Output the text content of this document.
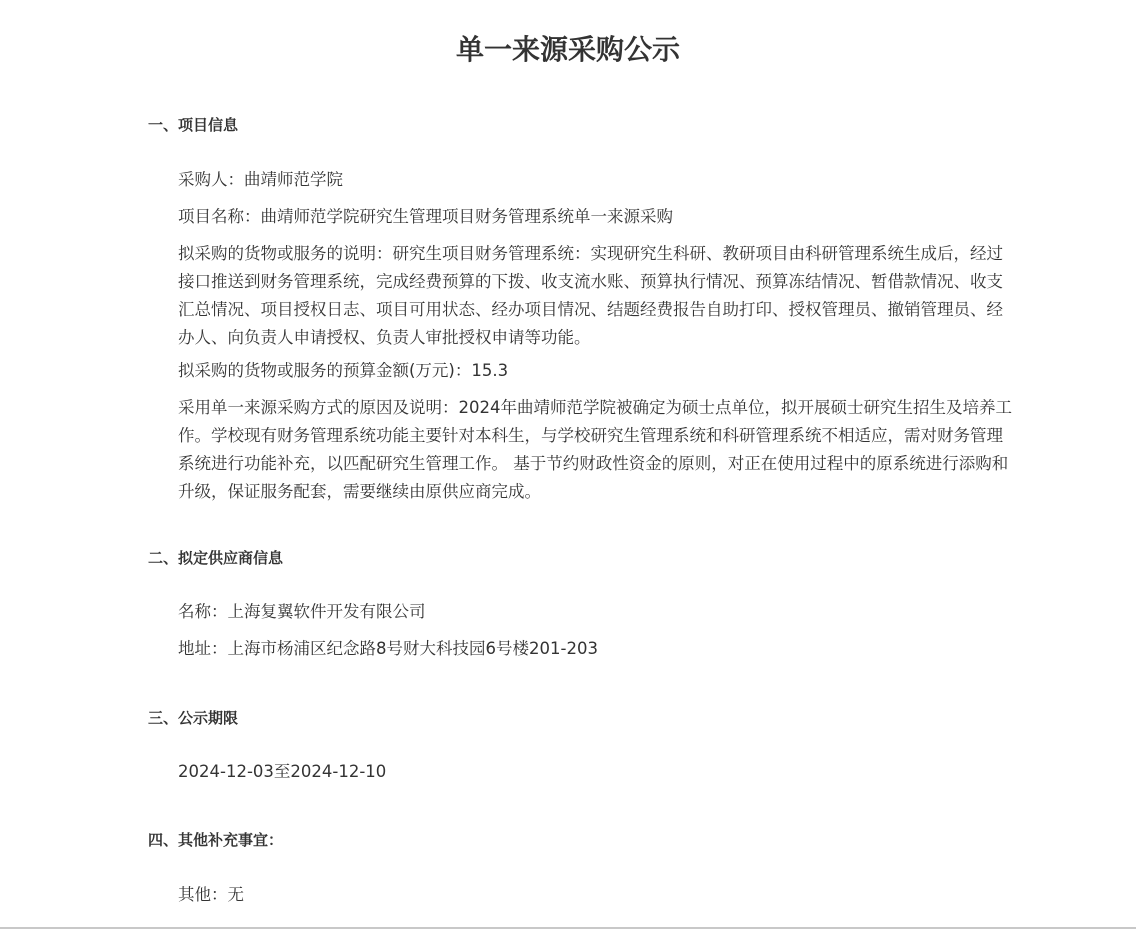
单一来源采购公示
一、项目信息
采购人：曲靖师范学院
项目名称：曲靖师范学院研究生管理项目财务管理系统单一来源采购
拟采购的货物或服务的说明：研究生项目财务管理系统：实现研究生科研、教研项目由科研管理系统生成后，经过接口推送到财务管理系统，完成经费预算的下拨、收支流水账、预算执行情况、预算冻结情况、暂借款情况、收支汇总情况、项目授权日志、项目可用状态、经办项目情况、结题经费报告自助打印、授权管理员、撤销管理员、经办人、向负责人申请授权、负责人审批授权申请等功能。
拟采购的货物或服务的预算金额(万元)：15.3
采用单一来源采购方式的原因及说明：2024年曲靖师范学院被确定为硕士点单位，拟开展硕士研究生招生及培养工作。学校现有财务管理系统功能主要针对本科生，与学校研究生管理系统和科研管理系统不相适应，需对财务管理系统进行功能补充，以匹配研究生管理工作。 基于节约财政性资金的原则，对正在使用过程中的原系统进行添购和升级，保证服务配套，需要继续由原供应商完成。
二、拟定供应商信息
名称：上海复翼软件开发有限公司
地址：上海市杨浦区纪念路8号财大科技园6号楼201-203
三、公示期限
2024-12-03至2024-12-10
四、其他补充事宜：
其他：无
